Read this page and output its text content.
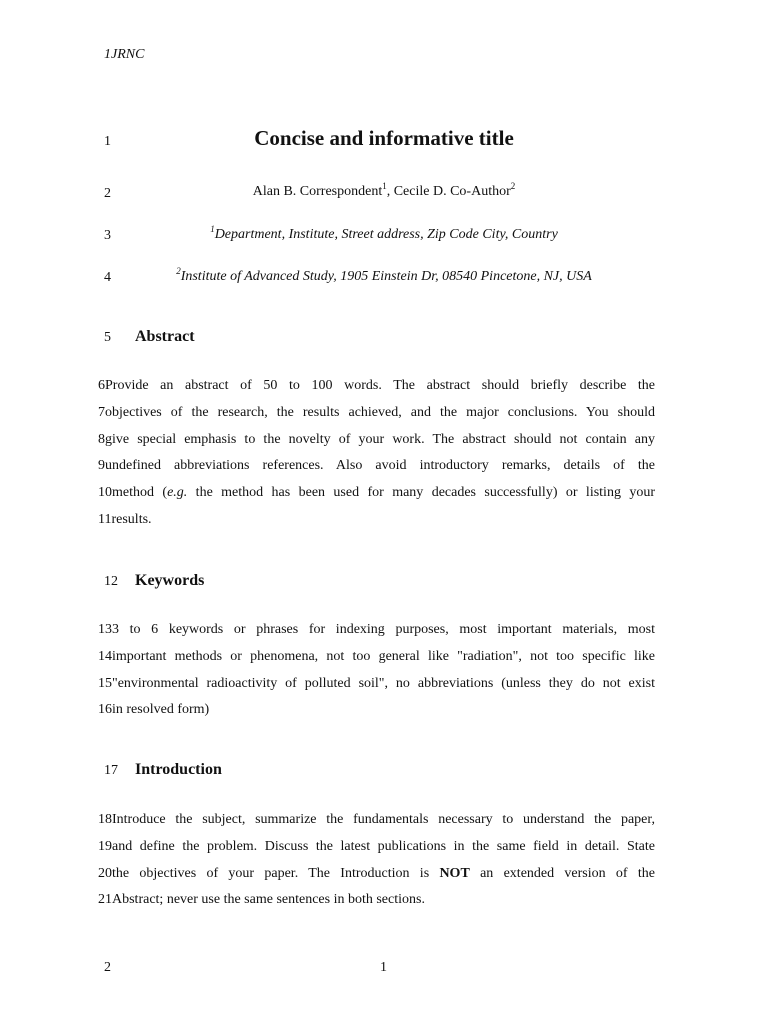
1JRNC
1	Concise and informative title
2	Alan B. Correspondent$^1$, Cecile D. Co-Author$^2$
3	$^1$Department, Institute, Street address, Zip Code City, Country
4	$^2$Institute of Advanced Study, 1905 Einstein Dr, 08540 Pincetone, NJ, USA
5 Abstract
6 Provide an abstract of 50 to 100 words. The abstract should briefly describe the
7 objectives of the research, the results achieved, and the major conclusions. You should
8 give special emphasis to the novelty of your work. The abstract should not contain any
9 undefined abbreviations references. Also avoid introductory remarks, details of the
10 method (e.g. the method has been used for many decades successfully) or listing your
11 results.
12 Keywords
13 3 to 6 keywords or phrases for indexing purposes, most important materials, most
14 important methods or phenomena, not too general like "radiation", not too specific like
15 "environmental radioactivity of polluted soil", no abbreviations (unless they do not exist
16 in resolved form)
17 Introduction
18 Introduce the subject, summarize the fundamentals necessary to understand the paper,
19 and define the problem. Discuss the latest publications in the same field in detail. State
20 the objectives of your paper. The Introduction is NOT an extended version of the
21 Abstract; never use the same sentences in both sections.
2	1
